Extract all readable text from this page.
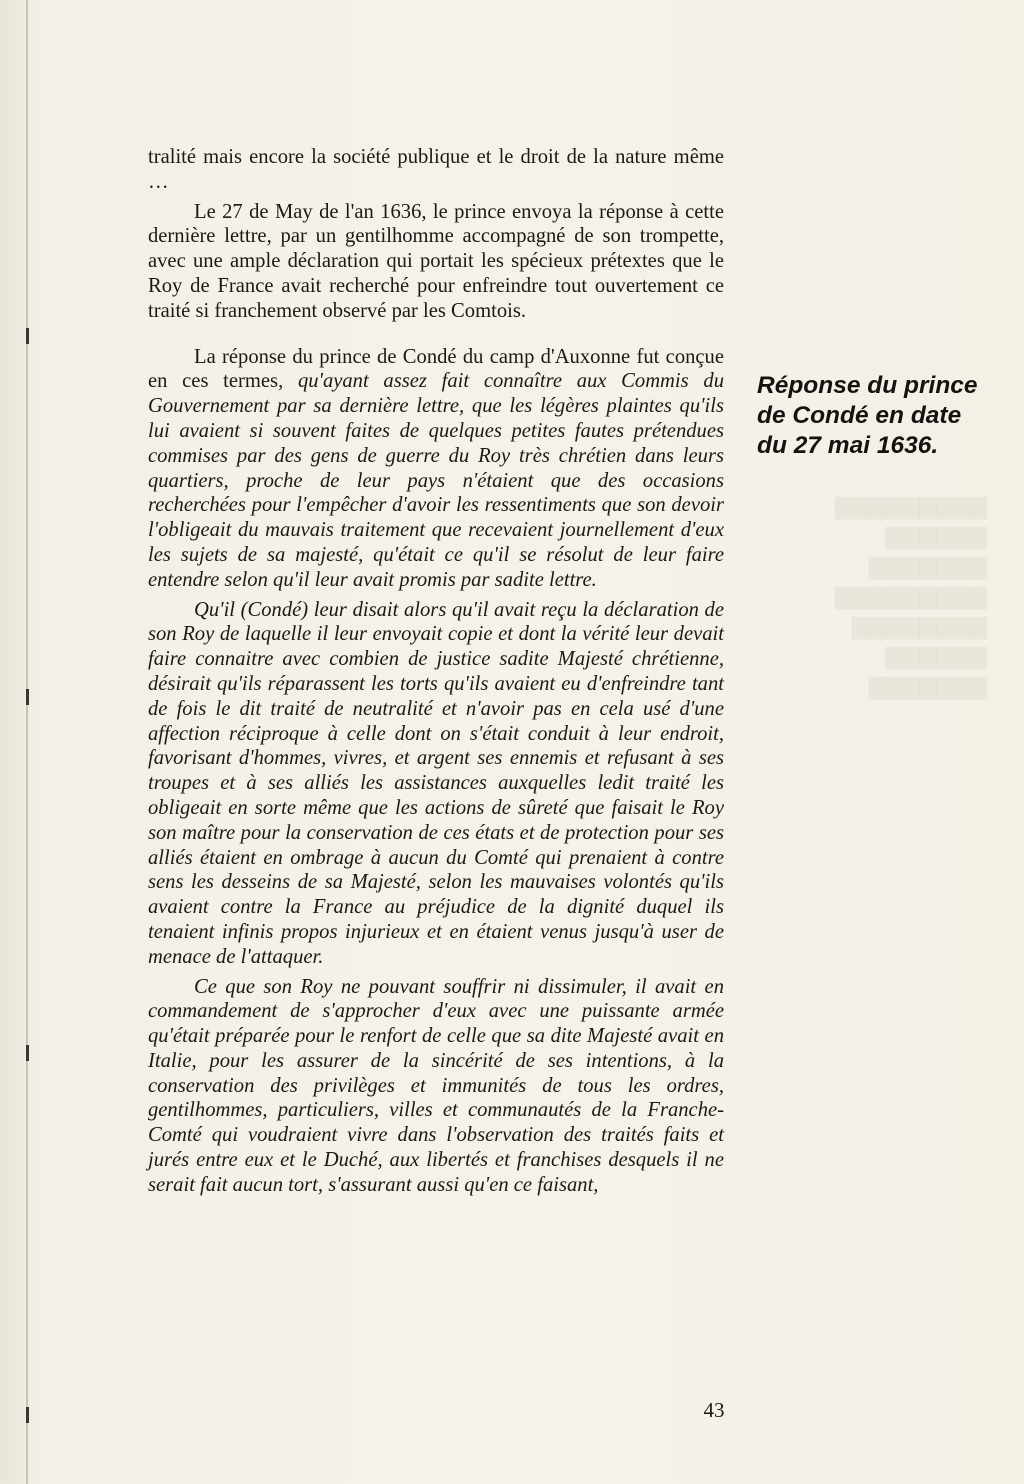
▇▇▇▇▇▇▇▇▇
▇▇▇▇▇▇
▇▇▇▇▇▇▇
▇▇▇▇▇▇▇▇▇
▇▇▇▇▇▇▇▇
▇▇▇▇▇▇
▇▇▇▇▇▇▇

tralité mais encore la société publique et le droit de la nature même …

Le 27 de May de l'an 1636, le prince envoya la réponse à cette dernière lettre, par un gentilhomme accompagné de son trompette, avec une ample déclaration qui portait les spécieux prétextes que le Roy de France avait recherché pour enfreindre tout ouvertement ce traité si franchement observé par les Comtois.

La réponse du prince de Condé du camp d'Auxonne fut conçue en ces termes, qu'ayant assez fait connaître aux Commis du Gouvernement par sa dernière lettre, que les légères plaintes qu'ils lui avaient si souvent faites de quelques petites fautes prétendues commises par des gens de guerre du Roy très chrétien dans leurs quartiers, proche de leur pays n'étaient que des occasions recherchées pour l'empêcher d'avoir les ressentiments que son devoir l'obligeait du mauvais traitement que recevaient journellement d'eux les sujets de sa majesté, qu'était ce qu'il se résolut de leur faire entendre selon qu'il leur avait promis par sadite lettre.

Qu'il (Condé) leur disait alors qu'il avait reçu la déclaration de son Roy de laquelle il leur envoyait copie et dont la vérité leur devait faire connaitre avec combien de justice sadite Majesté chrétienne, désirait qu'ils réparassent les torts qu'ils avaient eu d'enfreindre tant de fois le dit traité de neutralité et n'avoir pas en cela usé d'une affection réciproque à celle dont on s'était conduit à leur endroit, favorisant d'hommes, vivres, et argent ses ennemis et refusant à ses troupes et à ses alliés les assistances auxquelles ledit traité les obligeait en sorte même que les actions de sûreté que faisait le Roy son maître pour la conservation de ces états et de protection pour ses alliés étaient en ombrage à aucun du Comté qui prenaient à contre sens les desseins de sa Majesté, selon les mauvaises volontés qu'ils avaient contre la France au préjudice de la dignité duquel ils tenaient infinis propos injurieux et en étaient venus jusqu'à user de menace de l'attaquer.

Ce que son Roy ne pouvant souffrir ni dissimuler, il avait en commandement de s'approcher d'eux avec une puissante armée qu'était préparée pour le renfort de celle que sa dite Majesté avait en Italie, pour les assurer de la sincérité de ses intentions, à la conservation des privilèges et immunités de tous les ordres, gentilhommes, particuliers, villes et communautés de la Franche-Comté qui voudraient vivre dans l'observation des traités faits et jurés entre eux et le Duché, aux libertés et franchises desquels il ne serait fait aucun tort, s'assurant aussi qu'en ce faisant,

Réponse du prince de Condé en date du 27 mai 1636.
43
